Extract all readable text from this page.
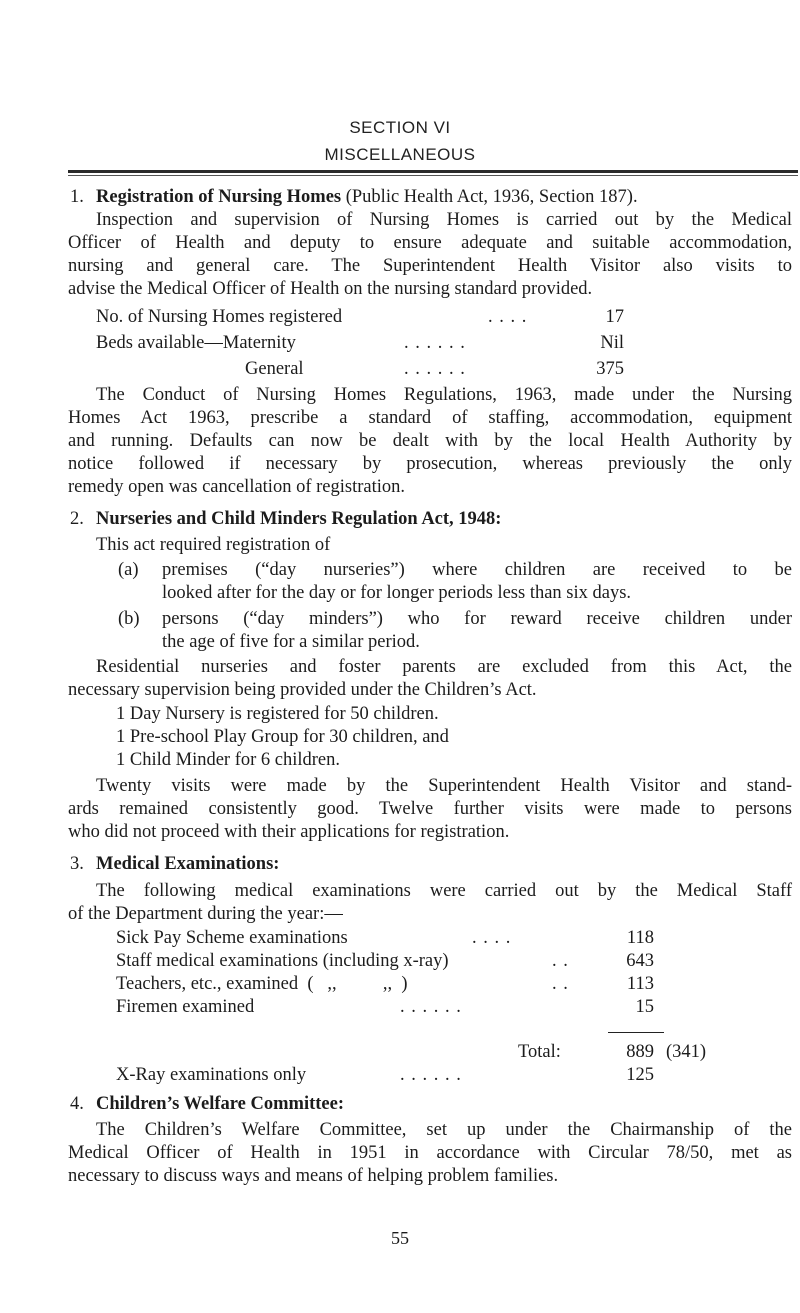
SECTION VI
MISCELLANEOUS
1. Registration of Nursing Homes (Public Health Act, 1936, Section 187).
Inspection and supervision of Nursing Homes is carried out by the Medical
Officer of Health and deputy to ensure adequate and suitable accommodation,
nursing and general care. The Superintendent Health Visitor also visits to
advise the Medical Officer of Health on the nursing standard provided.
No. of Nursing Homes registered	. . . .	17
Beds available—Maternity	. . . . . .	Nil
General	. . . . . .	375
The Conduct of Nursing Homes Regulations, 1963, made under the Nursing
Homes Act 1963, prescribe a standard of staffing, accommodation, equipment
and running. Defaults can now be dealt with by the local Health Authority by
notice followed if necessary by prosecution, whereas previously the only
remedy open was cancellation of registration.
2. Nurseries and Child Minders Regulation Act, 1948:
This act required registration of
(a) premises (“day nurseries”) where children are received to be
looked after for the day or for longer periods less than six days.
(b) persons (“day minders”) who for reward receive children under
the age of five for a similar period.
Residential nurseries and foster parents are excluded from this Act, the
necessary supervision being provided under the Children’s Act.
1 Day Nursery is registered for 50 children.
1 Pre-school Play Group for 30 children, and
1 Child Minder for 6 children.
Twenty visits were made by the Superintendent Health Visitor and stand-
ards remained consistently good. Twelve further visits were made to persons
who did not proceed with their applications for registration.
3. Medical Examinations:
The following medical examinations were carried out by the Medical Staff
of the Department during the year:—
Sick Pay Scheme examinations	. . . .	118
Staff medical examinations (including x-ray)	. .	643
Teachers, etc., examined  (   ,,          ,,  )	. .	113
Firemen examined	. . . . . .	15
Total:	889 (341)
X-Ray examinations only	. . . . . .	125
4. Children’s Welfare Committee:
The Children’s Welfare Committee, set up under the Chairmanship of the
Medical Officer of Health in 1951 in accordance with Circular 78/50, met as
necessary to discuss ways and means of helping problem families.
55
